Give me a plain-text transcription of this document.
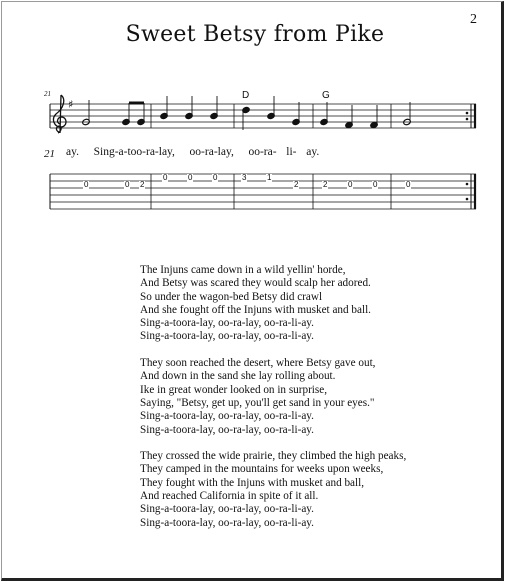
2
Sweet Betsy from Pike
♯
21
21
D	G
ay.   Sing-a-too-ra-lay,   oo-ra-lay,   oo-ra-  li-  ay.
0	0 2
0	0	0	3	1
2	2	0	0	0
The Injuns came down in a wild yellin' horde,
And Betsy was scared they would scalp her adored.
So under the wagon-bed Betsy did crawl
And she fought off the Injuns with musket and ball.
Sing-a-toora-lay, oo-ra-lay, oo-ra-li-ay.
Sing-a-toora-lay, oo-ra-lay, oo-ra-li-ay.
They soon reached the desert, where Betsy gave out,
And down in the sand she lay rolling about.
Ike in great wonder looked on in surprise,
Saying, "Betsy, get up, you'll get sand in your eyes."
Sing-a-toora-lay, oo-ra-lay, oo-ra-li-ay.
Sing-a-toora-lay, oo-ra-lay, oo-ra-li-ay.
They crossed the wide prairie, they climbed the high peaks,
They camped in the mountains for weeks upon weeks,
They fought with the Injuns with musket and ball,
And reached California in spite of it all.
Sing-a-toora-lay, oo-ra-lay, oo-ra-li-ay.
Sing-a-toora-lay, oo-ra-lay, oo-ra-li-ay.
